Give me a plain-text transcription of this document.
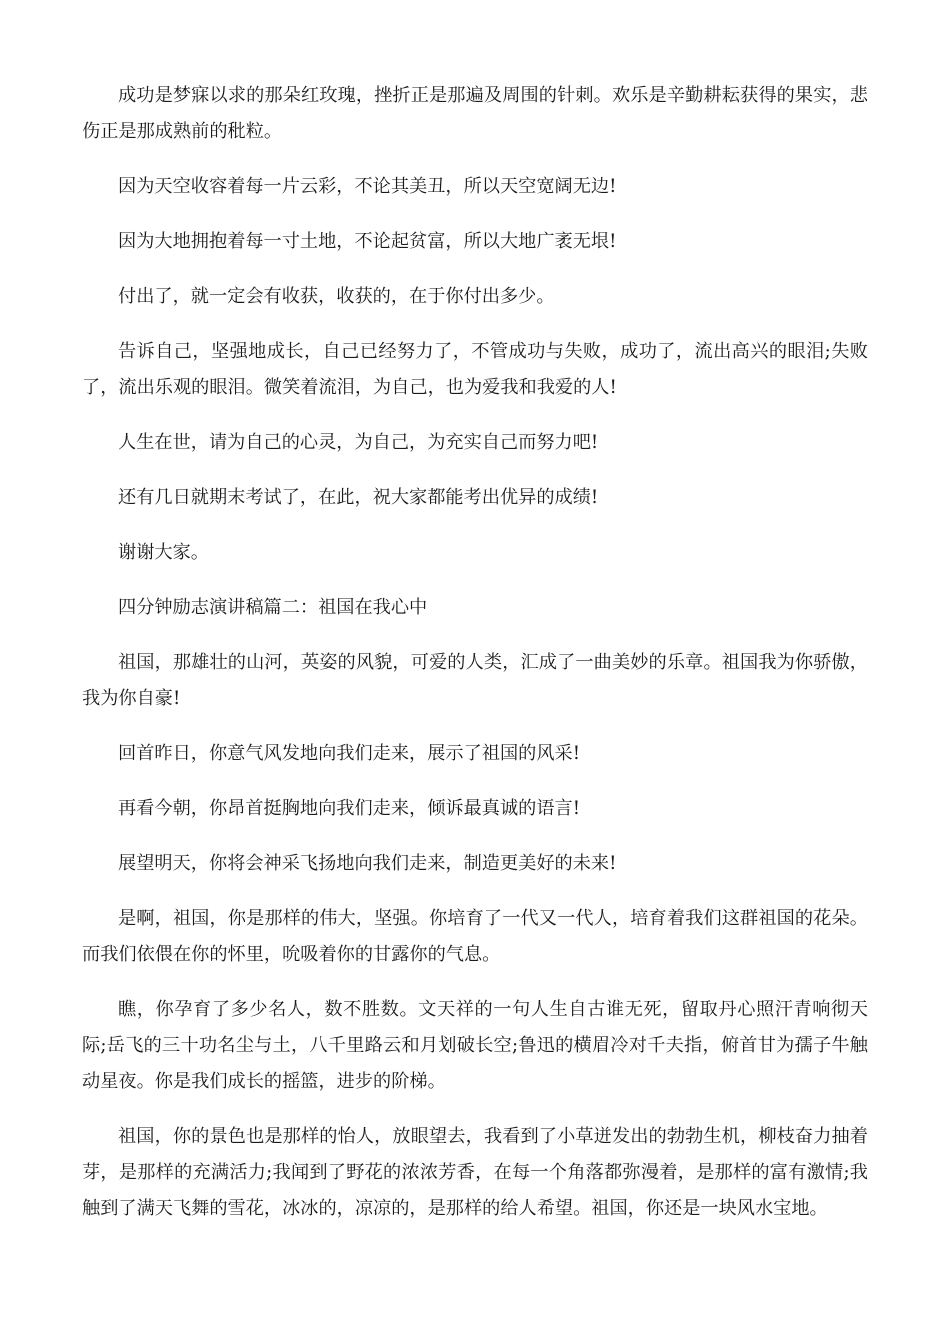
成功是梦寐以求的那朵红玫瑰，挫折正是那遍及周围的针刺。欢乐是辛勤耕耘获得的果实，悲伤正是那成熟前的秕粒。

因为天空收容着每一片云彩，不论其美丑，所以天空宽阔无边!

因为大地拥抱着每一寸土地，不论起贫富，所以大地广袤无垠!

付出了，就一定会有收获，收获的，在于你付出多少。

告诉自己，坚强地成长，自己已经努力了，不管成功与失败，成功了，流出高兴的眼泪;失败了，流出乐观的眼泪。微笑着流泪，为自己，也为爱我和我爱的人!

人生在世，请为自己的心灵，为自己，为充实自己而努力吧!

还有几日就期末考试了，在此，祝大家都能考出优异的成绩!

谢谢大家。

四分钟励志演讲稿篇二：祖国在我心中

祖国，那雄壮的山河，英姿的风貌，可爱的人类，汇成了一曲美妙的乐章。祖国我为你骄傲，我为你自豪!

回首昨日，你意气风发地向我们走来，展示了祖国的风采!

再看今朝，你昂首挺胸地向我们走来，倾诉最真诚的语言!

展望明天，你将会神采飞扬地向我们走来，制造更美好的未来!

是啊，祖国，你是那样的伟大，坚强。你培育了一代又一代人，培育着我们这群祖国的花朵。而我们依偎在你的怀里，吮吸着你的甘露你的气息。

瞧，你孕育了多少名人，数不胜数。文天祥的一句人生自古谁无死，留取丹心照汗青响彻天际;岳飞的三十功名尘与土，八千里路云和月划破长空;鲁迅的横眉冷对千夫指，俯首甘为孺子牛触动星夜。你是我们成长的摇篮，进步的阶梯。

祖国，你的景色也是那样的怡人，放眼望去，我看到了小草迸发出的勃勃生机，柳枝奋力抽着芽，是那样的充满活力;我闻到了野花的浓浓芳香，在每一个角落都弥漫着，是那样的富有激情;我触到了满天飞舞的雪花，冰冰的，凉凉的，是那样的给人希望。祖国，你还是一块风水宝地。
